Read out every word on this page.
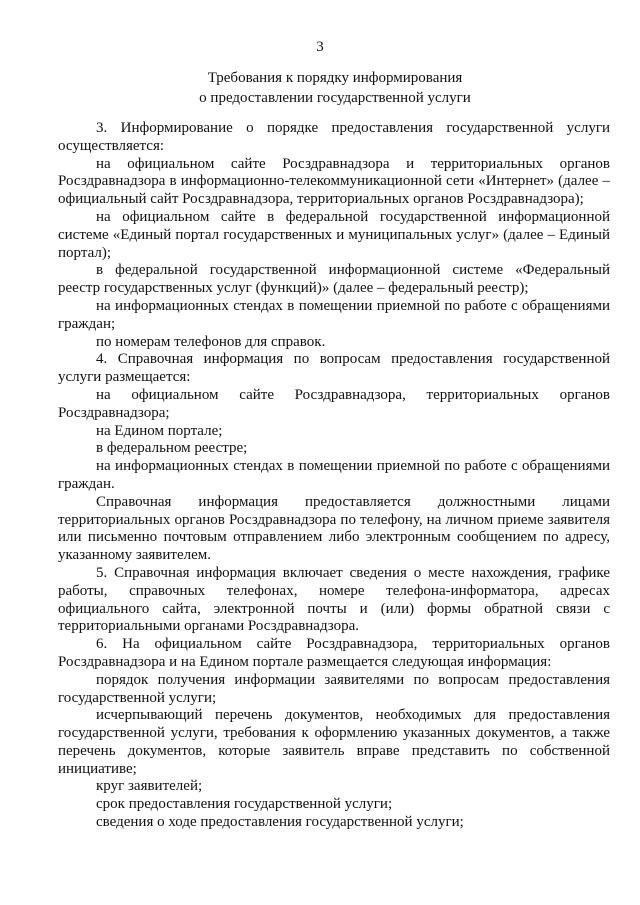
3
Требования к порядку информирования
о предоставлении государственной услуги

3. Информирование о порядке предоставления государственной услуги осуществляется:

на официальном сайте Росздравнадзора и территориальных органов Росздравнадзора в информационно-телекоммуникационной сети «Интернет» (далее – официальный сайт Росздравнадзора, территориальных органов Росздравнадзора);

на официальном сайте в федеральной государственной информационной системе «Единый портал государственных и муниципальных услуг» (далее – Единый портал);

в федеральной государственной информационной системе «Федеральный реестр государственных услуг (функций)» (далее – федеральный реестр);

на информационных стендах в помещении приемной по работе с обращениями граждан;

по номерам телефонов для справок.

4. Справочная информация по вопросам предоставления государственной услуги размещается:

на официальном сайте Росздравнадзора, территориальных органов Росздравнадзора;

на Едином портале;

в федеральном реестре;

на информационных стендах в помещении приемной по работе с обращениями граждан.

Справочная информация предоставляется должностными лицами территориальных органов Росздравнадзора по телефону, на личном приеме заявителя или письменно почтовым отправлением либо электронным сообщением по адресу, указанному заявителем.

5. Справочная информация включает сведения о месте нахождения, графике работы, справочных телефонах, номере телефона-информатора, адресах официального сайта, электронной почты и (или) формы обратной связи с территориальными органами Росздравнадзора.

6. На официальном сайте Росздравнадзора, территориальных органов Росздравнадзора и на Едином портале размещается следующая информация:

порядок получения информации заявителями по вопросам предоставления государственной услуги;

исчерпывающий перечень документов, необходимых для предоставления государственной услуги, требования к оформлению указанных документов, а также перечень документов, которые заявитель вправе представить по собственной инициативе;

круг заявителей;

срок предоставления государственной услуги;

сведения о ходе предоставления государственной услуги;
